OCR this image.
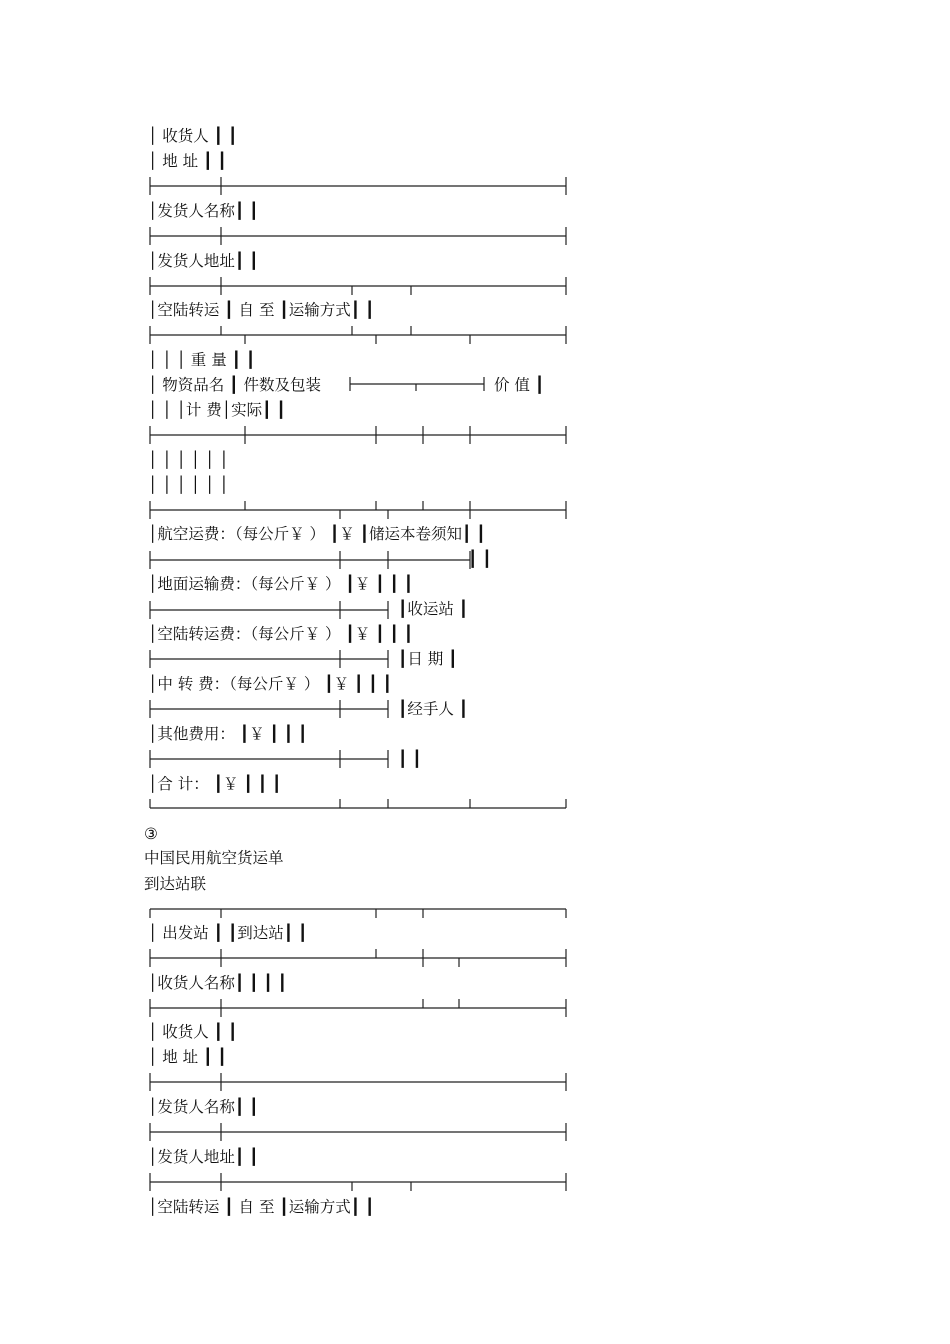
│ 收货人 ┃ ┃
│ 地 址 ┃ ┃
│发货人名称┃ ┃
│发货人地址┃ ┃
│空陆转运 ┃ 自 至 ┃运输方式┃ ┃
│ │ │ 重 量 ┃ ┃
│ 物资品名 ┃ 件数及包装	价 值 ┃
│ │ │计 费│实际┃ ┃
│ │ │ │ │ │
│ │ │ │ │ │
│航空运费：（每公斤￥ ） ┃￥ ┃储运本卷须知┃ ┃
┃ ┃
│地面运输费：（每公斤￥ ） ┃￥ ┃ ┃ ┃
┃收运站 ┃
│空陆转运费：（每公斤￥ ） ┃￥ ┃ ┃ ┃
┃日 期 ┃
│中 转 费：（每公斤￥ ） ┃￥ ┃ ┃ ┃
┃经手人 ┃
│其他费用： ┃￥ ┃ ┃ ┃
┃ ┃
│合 计： ┃￥ ┃ ┃ ┃
③
中国民用航空货运单
到达站联
│ 出发站 ┃ ┃到达站┃ ┃
│收货人名称┃ ┃ ┃ ┃
│ 收货人 ┃ ┃
│ 地 址 ┃ ┃
│发货人名称┃ ┃
│发货人地址┃ ┃
│空陆转运 ┃ 自 至 ┃运输方式┃ ┃
